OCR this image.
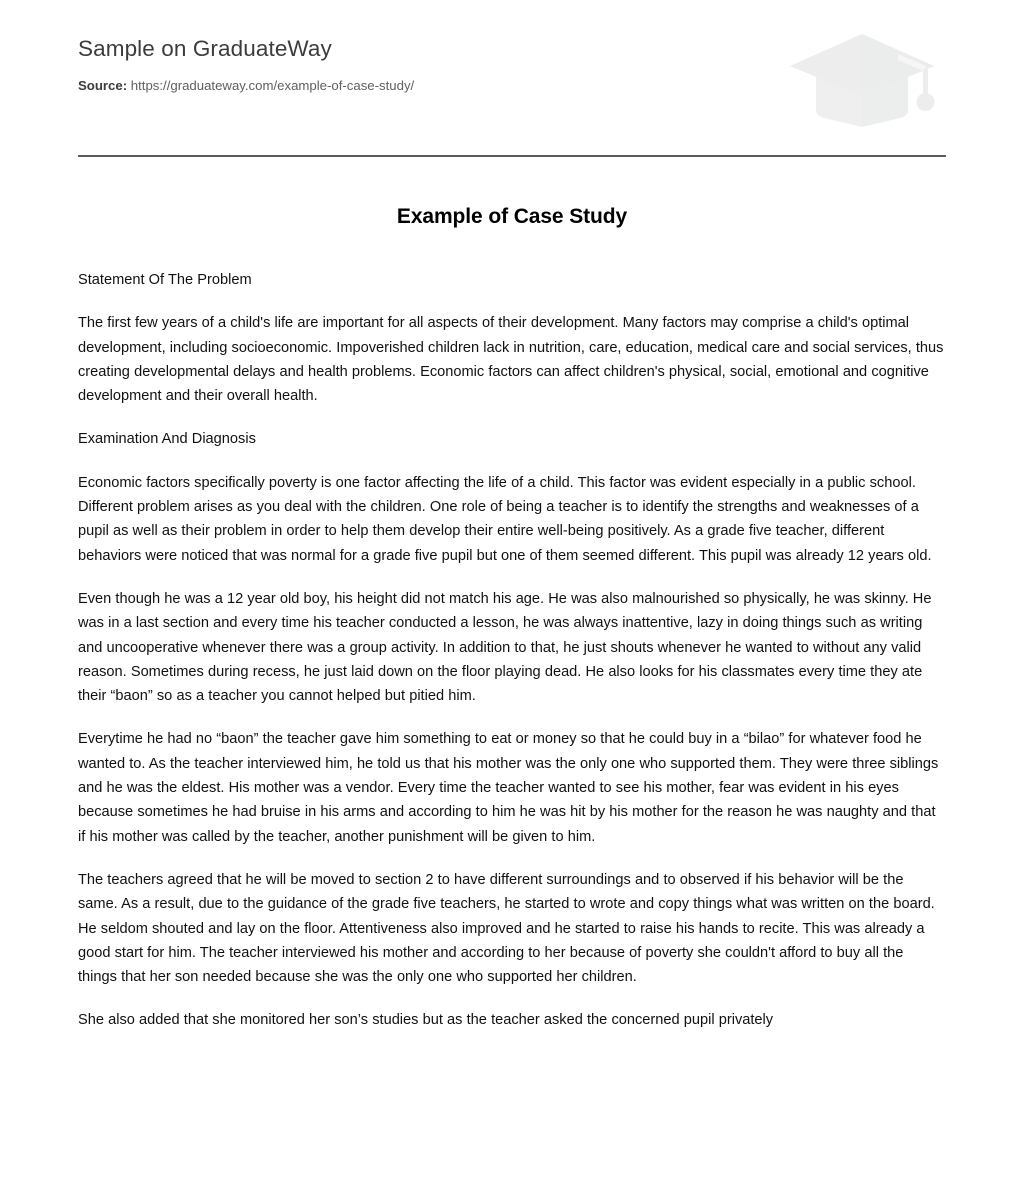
Sample on GraduateWay
Source: https://graduateway.com/example-of-case-study/
Example of Case Study

Statement Of The Problem

The first few years of a child's life are important for all aspects of their development. Many factors may comprise a child's optimal development, including socioeconomic. Impoverished children lack in nutrition, care, education, medical care and social services, thus creating developmental delays and health problems. Economic factors can affect children's physical, social, emotional and cognitive development and their overall health.

Examination And Diagnosis

Economic factors specifically poverty is one factor affecting the life of a child. This factor was evident especially in a public school. Different problem arises as you deal with the children. One role of being a teacher is to identify the strengths and weaknesses of a pupil as well as their problem in order to help them develop their entire well-being positively. As a grade five teacher, different behaviors were noticed that was normal for a grade five pupil but one of them seemed different. This pupil was already 12 years old.

Even though he was a 12 year old boy, his height did not match his age. He was also malnourished so physically, he was skinny. He was in a last section and every time his teacher conducted a lesson, he was always inattentive, lazy in doing things such as writing and uncooperative whenever there was a group activity. In addition to that, he just shouts whenever he wanted to without any valid reason. Sometimes during recess, he just laid down on the floor playing dead. He also looks for his classmates every time they ate their “baon” so as a teacher you cannot helped but pitied him.

Everytime he had no “baon” the teacher gave him something to eat or money so that he could buy in a “bilao” for whatever food he wanted to. As the teacher interviewed him, he told us that his mother was the only one who supported them. They were three siblings and he was the eldest. His mother was a vendor. Every time the teacher wanted to see his mother, fear was evident in his eyes because sometimes he had bruise in his arms and according to him he was hit by his mother for the reason he was naughty and that if his mother was called by the teacher, another punishment will be given to him.

The teachers agreed that he will be moved to section 2 to have different surroundings and to observed if his behavior will be the same. As a result, due to the guidance of the grade five teachers, he started to wrote and copy things what was written on the board. He seldom shouted and lay on the floor. Attentiveness also improved and he started to raise his hands to recite. This was already a good start for him. The teacher interviewed his mother and according to her because of poverty she couldn't afford to buy all the things that her son needed because she was the only one who supported her children.

She also added that she monitored her son’s studies but as the teacher asked the concerned pupil privately
